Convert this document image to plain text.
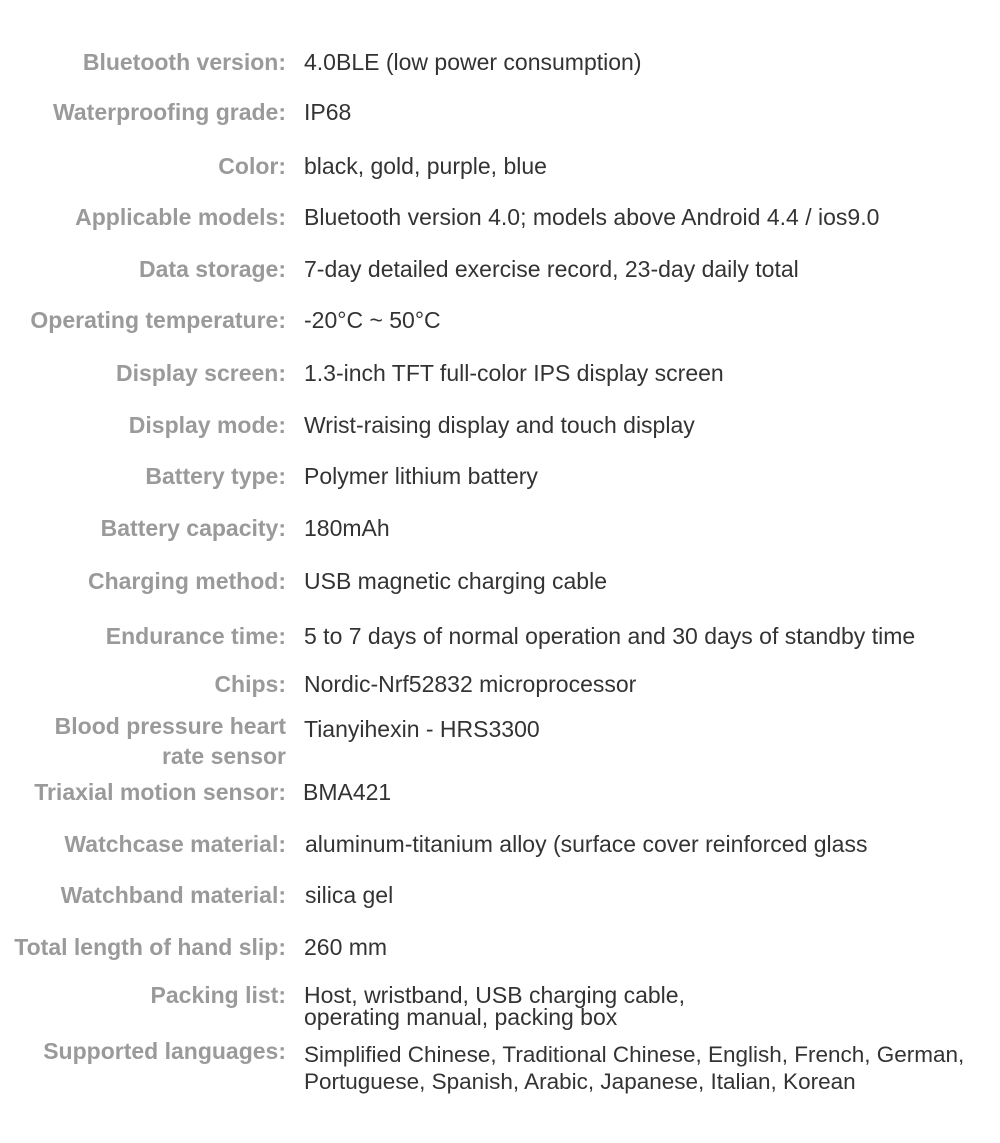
Bluetooth version: 4.0BLE (low power consumption)
Waterproofing grade: IP68
Color: black, gold, purple, blue
Applicable models: Bluetooth version 4.0; models above Android 4.4 / ios9.0
Data storage: 7-day detailed exercise record, 23-day daily total
Operating temperature: -20°C ~ 50°C
Display screen: 1.3-inch TFT full-color IPS display screen
Display mode: Wrist-raising display and touch display
Battery type: Polymer lithium battery
Battery capacity: 180mAh
Charging method: USB magnetic charging cable
Endurance time: 5 to 7 days of normal operation and 30 days of standby time
Chips: Nordic-Nrf52832 microprocessor
Blood pressure heart rate sensor
Tianyihexin - HRS3300
Triaxial motion sensor: BMA421
Watchcase material: aluminum-titanium alloy (surface cover reinforced glass
Watchband material: silica gel
Total length of hand slip: 260 mm
Packing list: Host, wristband, USB charging cable,
operating manual, packing box
Supported languages: Simplified Chinese, Traditional Chinese, English, French, German,
Portuguese, Spanish, Arabic, Japanese, Italian, Korean
